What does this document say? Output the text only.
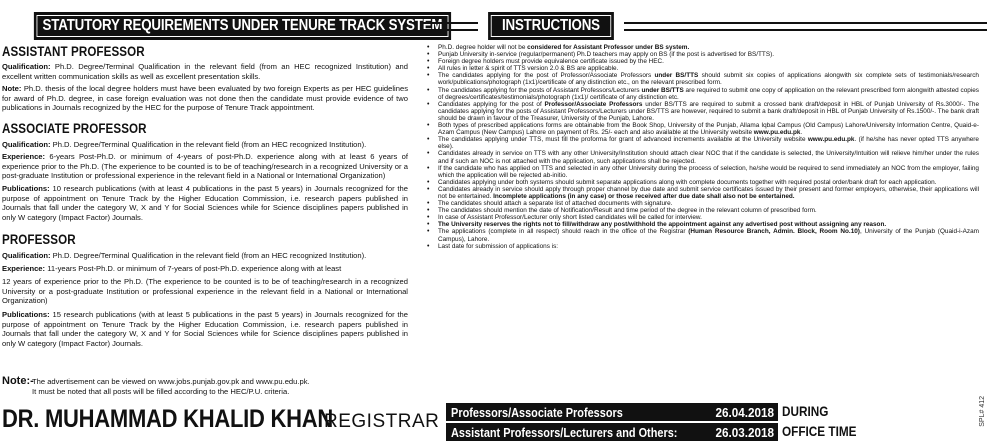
STATUTORY REQUIREMENTS UNDER TENURE TRACK SYSTEM
ASSISTANT PROFESSOR
Qualification: Ph.D. Degree/Terminal Qualification in the relevant field (from an HEC recognized Institution) and excellent written communication skills as well as excellent presentation skills.
Note: Ph.D. thesis of the local degree holders must have been evaluated by two foreign Experts as per HEC guidelines for award of Ph.D. degree, in case foreign evaluation was not done then the candidate must provide evidence of two publications in Journals recognized by the HEC for the purpose of Tenure Track appointment.
ASSOCIATE PROFESSOR
Qualification: Ph.D. Degree/Terminal Qualification in the relevant field (from an HEC recognized Institution).
Experience: 6-years Post-Ph.D. or minimum of 4-years of post-Ph.D. experience along with at least 6 years of experience prior to the Ph.D. (The experience to be counted is to be of teaching/research in a recognized University or a post-graduate Institution or professional experience in the relevant field in a National or International Organization)
Publications: 10 research publications (with at least 4 publications in the past 5 years) in Journals recognized for the purpose of appointment on Tenure Track by the Higher Education Commission, i.e. research papers published in Journals that fall under the category W, X and Y for Social Sciences while for Science disciplines papers published in only W category (Impact Factor) Journals.
PROFESSOR
Qualification: Ph.D. Degree/Terminal Qualification in the relevant field (from an HEC recognized Institution).
Experience: 11-years Post-Ph.D. or minimum of 7-years of post-Ph.D. experience along with at least
12 years of experience prior to the Ph.D. (The experience to be counted is to be of teaching/research in a recognized University or a post-graduate Institution or professional experience in the relevant field in a National or International Organization)
Publications: 15 research publications (with at least 5 publications in the past 5 years) in Journals recognized for the purpose of appointment on Tenure Track by the Higher Education Commission, i.e. research papers published in Journals that fall under the category W, X and Y for Social Sciences while for Science disciplines papers published in only W category (Impact Factor) Journals.
Note:-
The advertisement can be viewed on www.jobs.punjab.gov.pk and www.pu.edu.pk.
It must be noted that all posts will be filled according to the HEC/P.U. criteria.
DR. MUHAMMAD KHALID KHAN
REGISTRAR
INSTRUCTIONS
• Ph.D. degree holder will not be considered for Assistant Professor under BS system.
• Punjab University in-service (regular/permanent) Ph.D teachers may apply on BS (if the post is advertised for BS/TTS).
• Foreign degree holders must provide equivalence certificate issued by the HEC.
• All rules in letter & spirit of TTS version 2.0 & BS are applicable.
• The candidates applying for the post of Professor/Associate Professors under BS/TTS should submit six copies of applications alongwith six complete sets of testimonials/research work/publications/photograph (1x1)/certificate of any distinction etc., on the relevant prescribed form.
• The candidates applying for the posts of Assistant Professors/Lecturers under BS/TTS are required to submit one copy of application on the relevant prescribed form alongwith attested copies of degrees/certificates/testimonials/photograph (1x1)/ certificate of any distinction etc.
• Candidates applying for the post of Professor/Associate Professors under BS/TTS are required to submit a crossed bank draft/deposit in HBL of Punjab University of Rs.3000/-. The candidates applying for the posts of Assistant Professors/Lecturers under BS/TTS are however, required to submit a bank draft/deposit in HBL of Punjab University of Rs.1500/-. The bank draft should be drawn in favour of the Treasurer, University of the Punjab, Lahore.
• Both types of prescribed applications forms are obtainable from the Book Shop, University of the Punjab, Allama Iqbal Campus (Old Campus) Lahore/University Information Centre, Quaid-e-Azam Campus (New Campus) Lahore on payment of Rs. 25/- each and also available at the University website www.pu.edu.pk.
• The candidates applying under TTS, must fill the proforma for grant of advanced increments available at the University website www.pu.edu.pk. (if he/she has never opted TTS anywhere else).
• Candidates already in service on TTS with any other University/Institution should attach clear NOC that if the candidate is selected, the University/Intuition will relieve him/her under the rules and if such an NOC is not attached with the application, such applications shall be rejected.
• If the candidate who has applied on TTS and selected in any other University during the process of selection, he/she would be required to send immediately an NOC from the employer, failing which the application will be rejected ab-initio.
• Candidates applying under both systems should submit separate applications along with complete documents together with required postal order/bank draft for each application.
• Candidates already in service should apply through proper channel by due date and submit service certificates issued by their present and former employers, otherwise, their applications will not be entertained. Incomplete applications (in any case) or those received after due date shall also not be entertained.
• The candidates should attach a separate list of attached documents with signature.
• The candidates should mention the date of Notification/Result and time period of the degree in the relevant column of prescribed form.
• In case of Assistant Professor/Lecturer only short listed candidates will be called for interview.
• The University reserves the rights not to fill/withdraw any post/withhold the appointment against any advertised post without assigning any reason.
• The applications (complete in all respect) should reach in the office of the Registrar (Human Resource Branch, Admin. Block, Room No.10), University of the Punjab (Quaid-i-Azam Campus), Lahore.
• Last date for submission of applications is:
Professors/Associate Professors	26.04.2018 DURING
Assistant Professors/Lecturers and Others:	26.03.2018 OFFICE TIME
SPL# 412
